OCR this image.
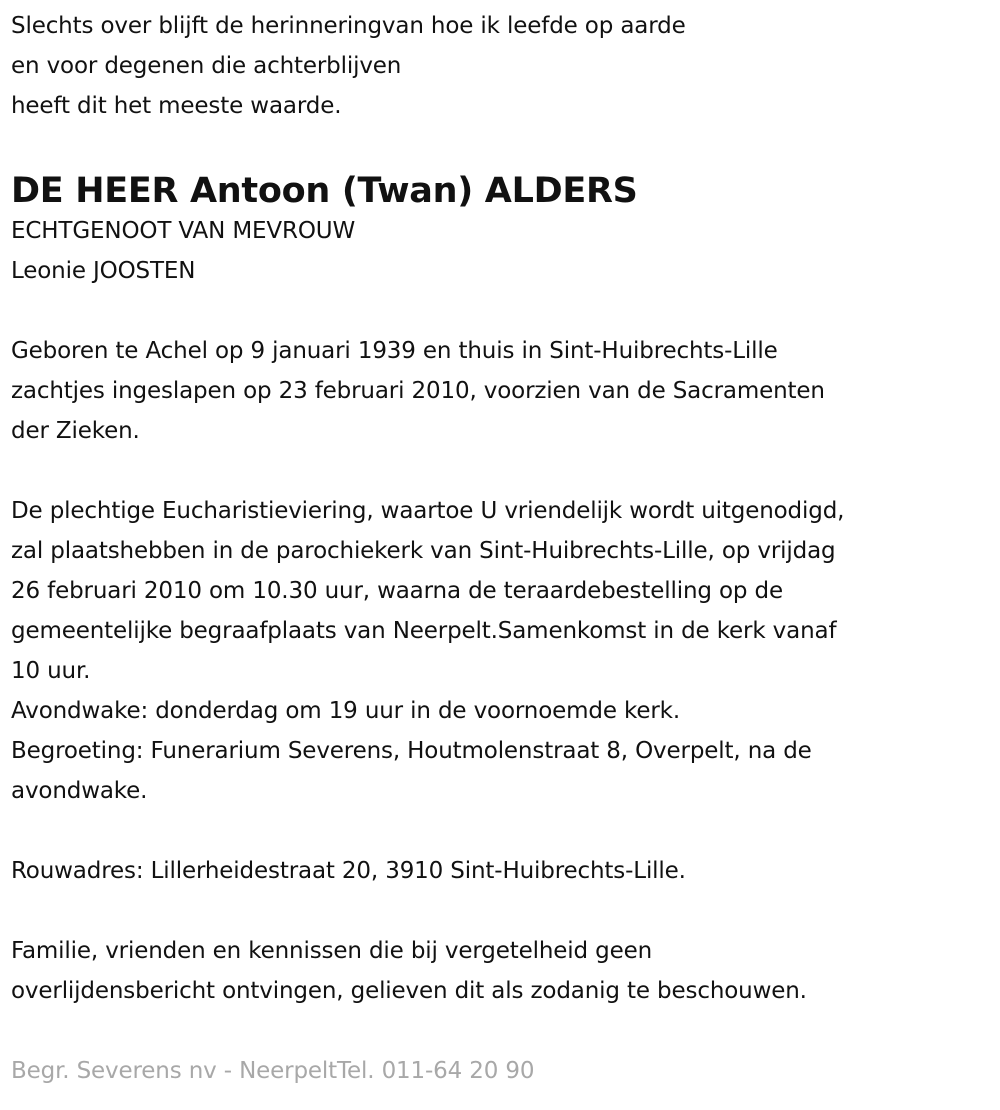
Slechts over blijft de herinneringvan hoe ik leefde op aarde
en voor degenen die achterblijven
heeft dit het meeste waarde.
DE HEER Antoon (Twan) ALDERS
ECHTGENOOT VAN MEVROUW
Leonie JOOSTEN
Geboren te Achel op 9 januari 1939 en thuis in Sint-Huibrechts-Lille
zachtjes ingeslapen op 23 februari 2010, voorzien van de Sacramenten
der Zieken.
De plechtige Eucharistieviering, waartoe U vriendelijk wordt uitgenodigd,
zal plaatshebben in de parochiekerk van Sint-Huibrechts-Lille, op vrijdag
26 februari 2010 om 10.30 uur, waarna de teraardebestelling op de
gemeentelijke begraafplaats van Neerpelt.Samenkomst in de kerk vanaf
10 uur.
Avondwake: donderdag om 19 uur in de voornoemde kerk.
Begroeting: Funerarium Severens, Houtmolenstraat 8, Overpelt, na de
avondwake.
Rouwadres: Lillerheidestraat 20, 3910 Sint-Huibrechts-Lille.
Familie, vrienden en kennissen die bij vergetelheid geen
overlijdensbericht ontvingen, gelieven dit als zodanig te beschouwen.
Begr. Severens nv - NeerpeltTel. 011-64 20 90
